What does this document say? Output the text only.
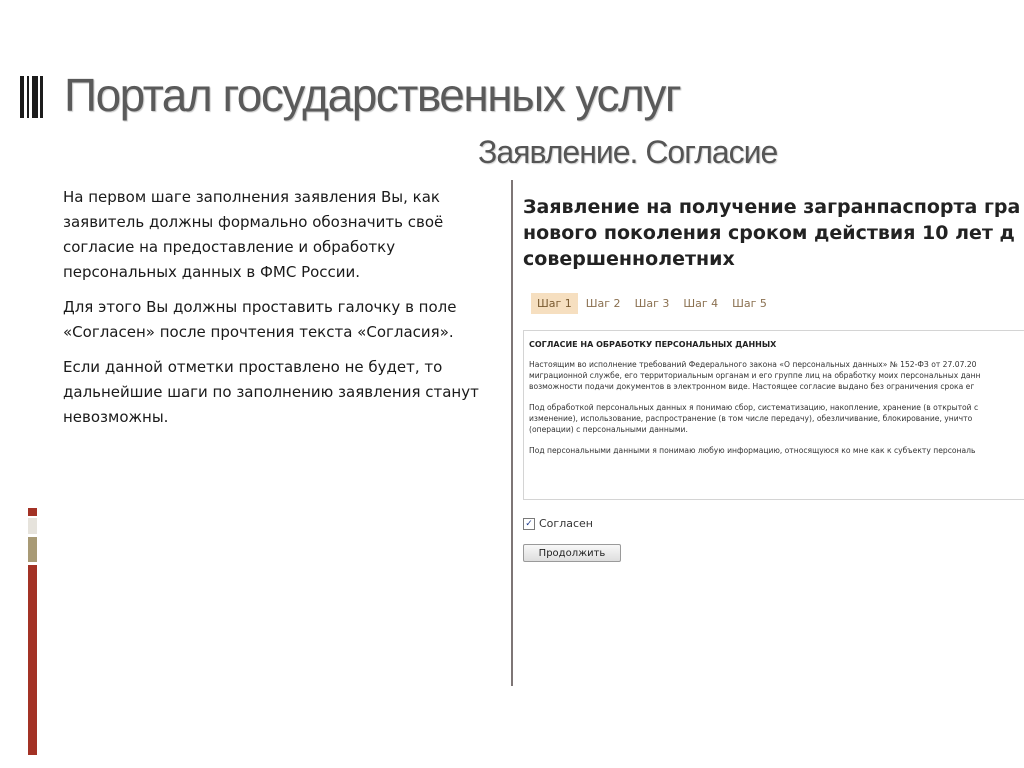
Портал государственных услуг
Заявление. Согласие

На первом шаге заполнения заявления Вы, как заявитель должны формально обозначить своё согласие на предоставление и обработку персональных данных в ФМС России.

Для этого Вы должны проставить галочку в поле «Согласен» после прочтения текста «Согласия».

Если данной отметки проставлено не будет, то дальнейшие шаги по заполнению заявления станут невозможны.

Заявление на получение загранпаспорта гра
нового поколения сроком действия 10 лет д
совершеннолетних
Шаг 1	Шаг 2	Шаг 3	Шаг 4	Шаг 5
СОГЛАСИЕ НА ОБРАБОТКУ ПЕРСОНАЛЬНЫХ ДАННЫХ
Настоящим во исполнение требований Федерального закона «О персональных данных» № 152-ФЗ от 27.07.20
миграционной службе, его территориальным органам и его группе лиц на обработку моих персональных данн
возможности подачи документов в электронном виде. Настоящее согласие выдано без ограничения срока ег
Под обработкой персональных данных я понимаю сбор, систематизацию, накопление, хранение (в открытой с
изменение), использование, распространение (в том числе передачу), обезличивание, блокирование, уничто
(операции) с персональными данными.
Под персональными данными я понимаю любую информацию, относящуюся ко мне как к субъекту персональ
✓ Согласен
Продолжить
